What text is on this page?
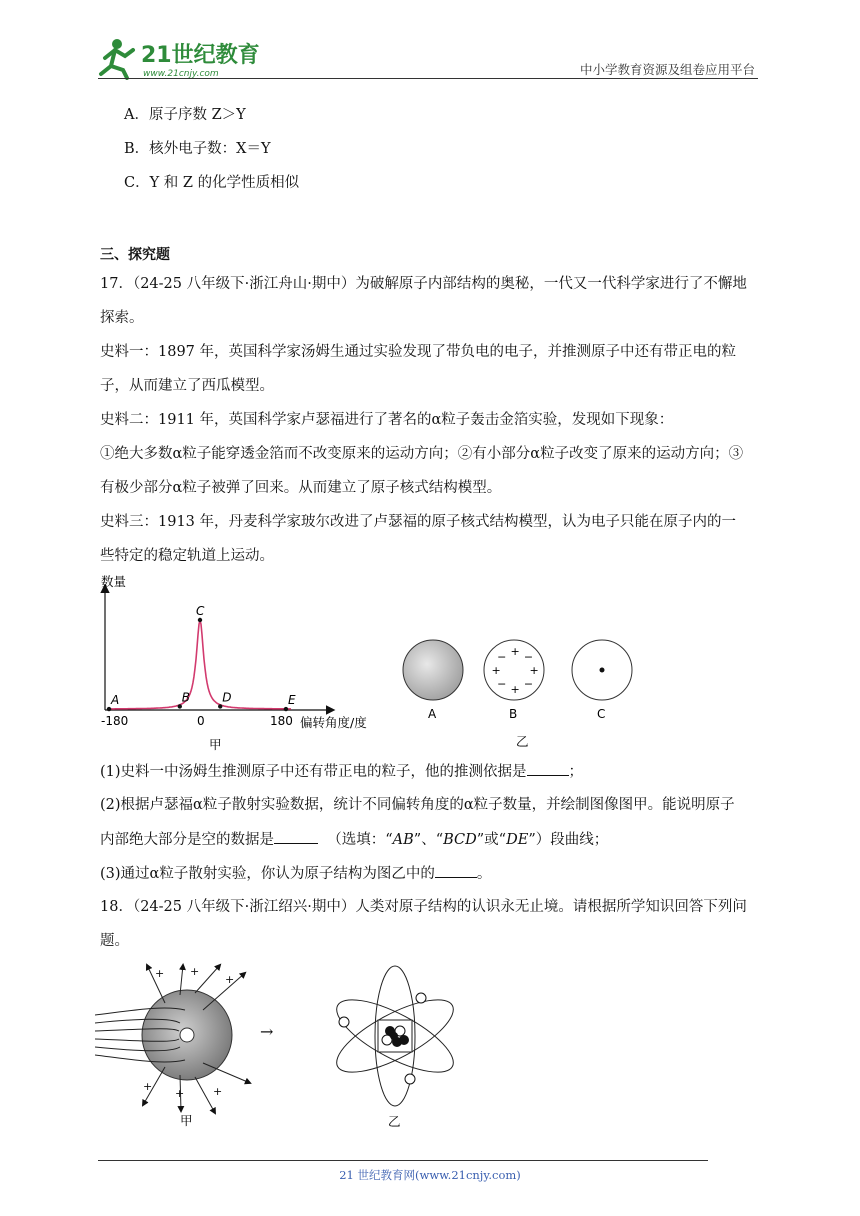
21世纪教育
www.21cnjy.com	中小学教育资源及组卷应用平台
A．原子序数 Z＞Y
B．核外电子数：X＝Y
C．Y 和 Z 的化学性质相似
三、探究题
17．（24-25 八年级下·浙江舟山·期中）为破解原子内部结构的奥秘，一代又一代科学家进行了不懈地
探索。
史料一：1897 年，英国科学家汤姆生通过实验发现了带负电的电子，并推测原子中还有带正电的粒
子，从而建立了西瓜模型。
史料二：1911 年，英国科学家卢瑟福进行了著名的α粒子轰击金箔实验，发现如下现象：
①绝大多数α粒子能穿透金箔而不改变原来的运动方向；②有小部分α粒子改变了原来的运动方向；③
有极少部分α粒子被弹了回来。从而建立了原子核式结构模型。
史料三：1913 年，丹麦科学家玻尔改进了卢瑟福的原子核式结构模型，认为电子只能在原子内的一
些特定的稳定轨道上运动。
数量
偏转角度/度
-180	0	180
A	B
C
D	E
甲
+ −
+
−
+
−
+
−
A	B	C
乙
(1)史料一中汤姆生推测原子中还有带正电的粒子，他的推测依据是	；
(2)根据卢瑟福α粒子散射实验数据，统计不同偏转角度的α粒子数量，并绘制图像图甲。能说明原子
内部绝大部分是空的数据是	（选填：“AB”、“BCD”或“DE”）段曲线；
(3)通过α粒子散射实验，你认为原子结构为图乙中的	。
18．（24-25 八年级下·浙江绍兴·期中）人类对原子结构的认识永无止境。请根据所学知识回答下列问
题。
+ +
+
+
+	+
甲
→
乙
21 世纪教育网(www.21cnjy.com)
